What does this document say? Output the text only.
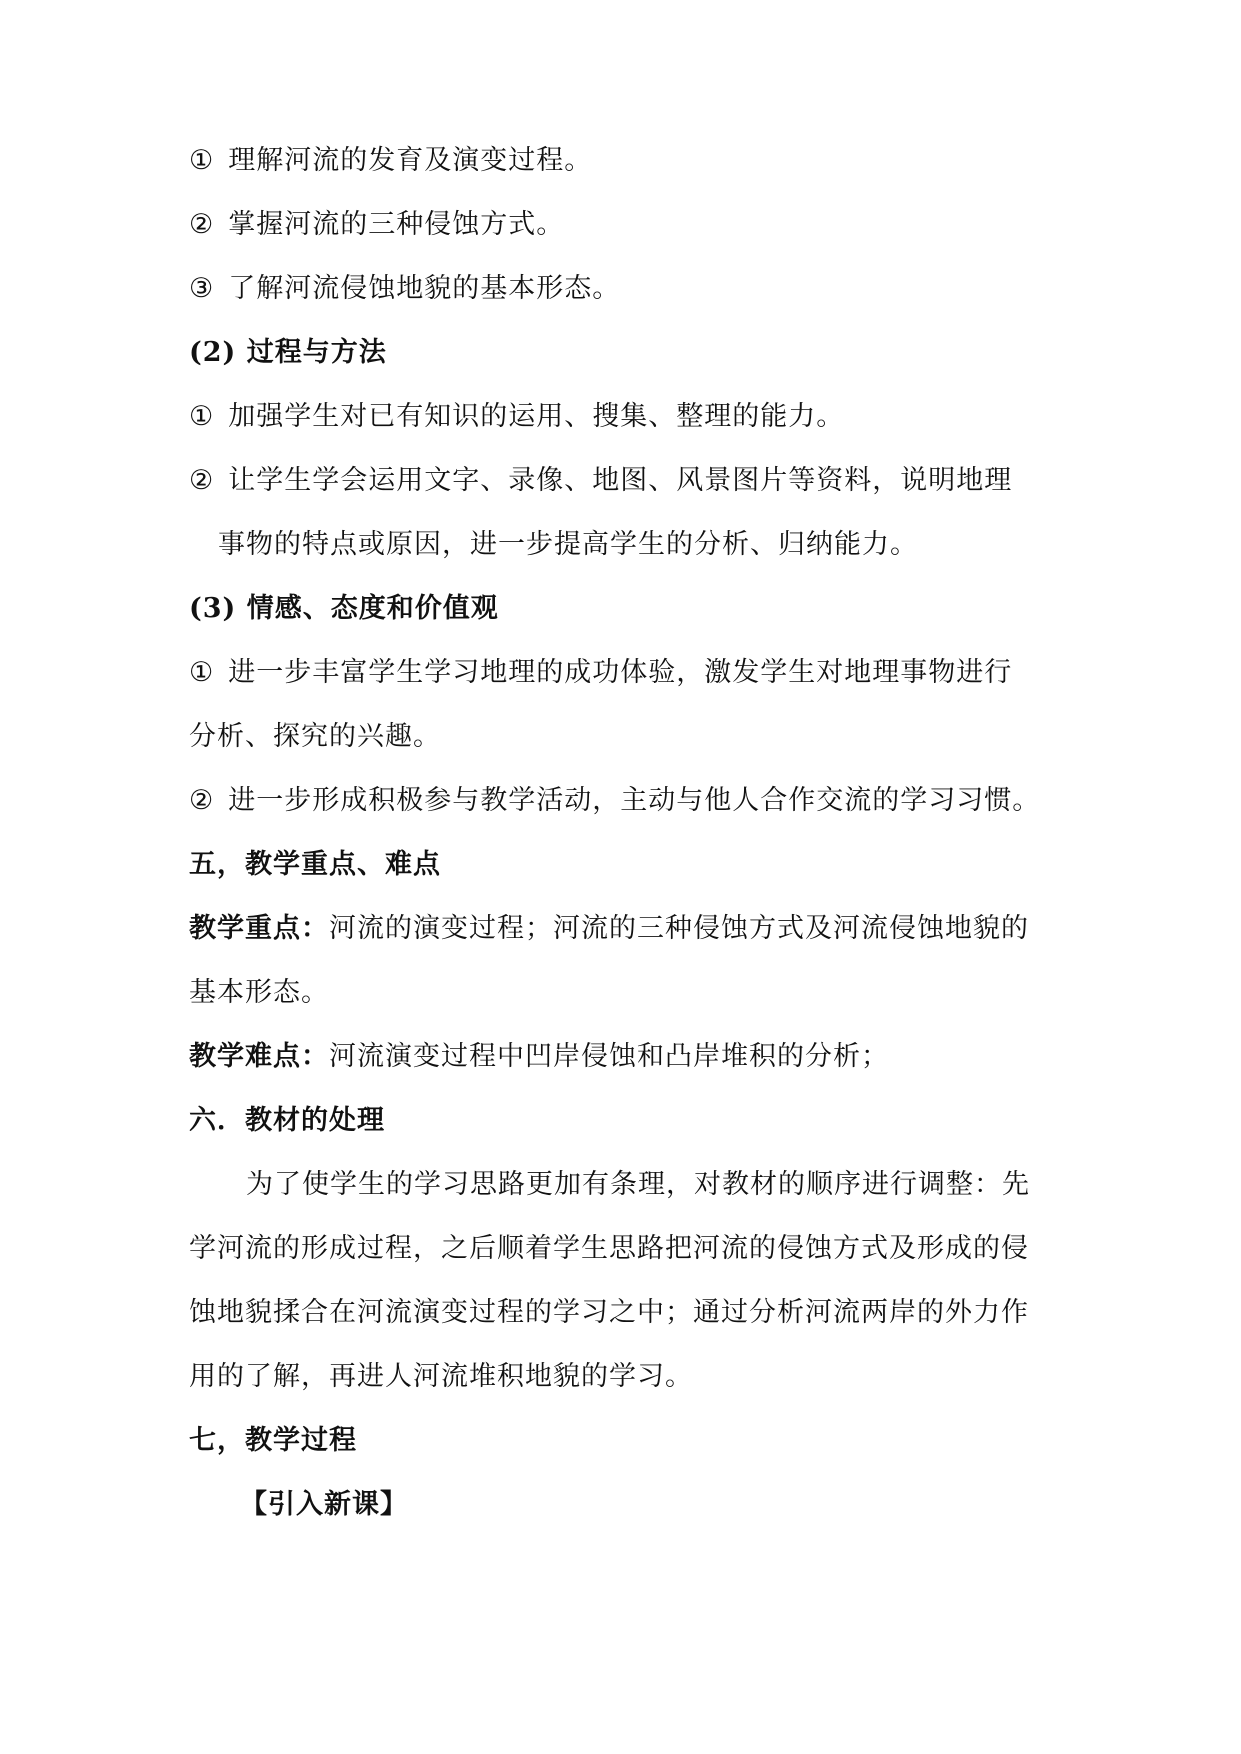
① 理解河流的发育及演变过程。
② 掌握河流的三种侵蚀方式。
③ 了解河流侵蚀地貌的基本形态。
(2) 过程与方法
① 加强学生对已有知识的运用、搜集、整理的能力。
② 让学生学会运用文字、录像、地图、风景图片等资料，说明地理
事物的特点或原因，进一步提高学生的分析、归纳能力。
(3) 情感、态度和价值观
① 进一步丰富学生学习地理的成功体验，激发学生对地理事物进行
分析、探究的兴趣。
② 进一步形成积极参与教学活动，主动与他人合作交流的学习习惯。
五，教学重点、难点
教学重点：河流的演变过程；河流的三种侵蚀方式及河流侵蚀地貌的
基本形态。
教学难点：河流演变过程中凹岸侵蚀和凸岸堆积的分析；
六．教材的处理
为了使学生的学习思路更加有条理，对教材的顺序进行调整：先
学河流的形成过程，之后顺着学生思路把河流的侵蚀方式及形成的侵
蚀地貌揉合在河流演变过程的学习之中；通过分析河流两岸的外力作
用的了解，再进人河流堆积地貌的学习。
七，教学过程
【引入新课】
